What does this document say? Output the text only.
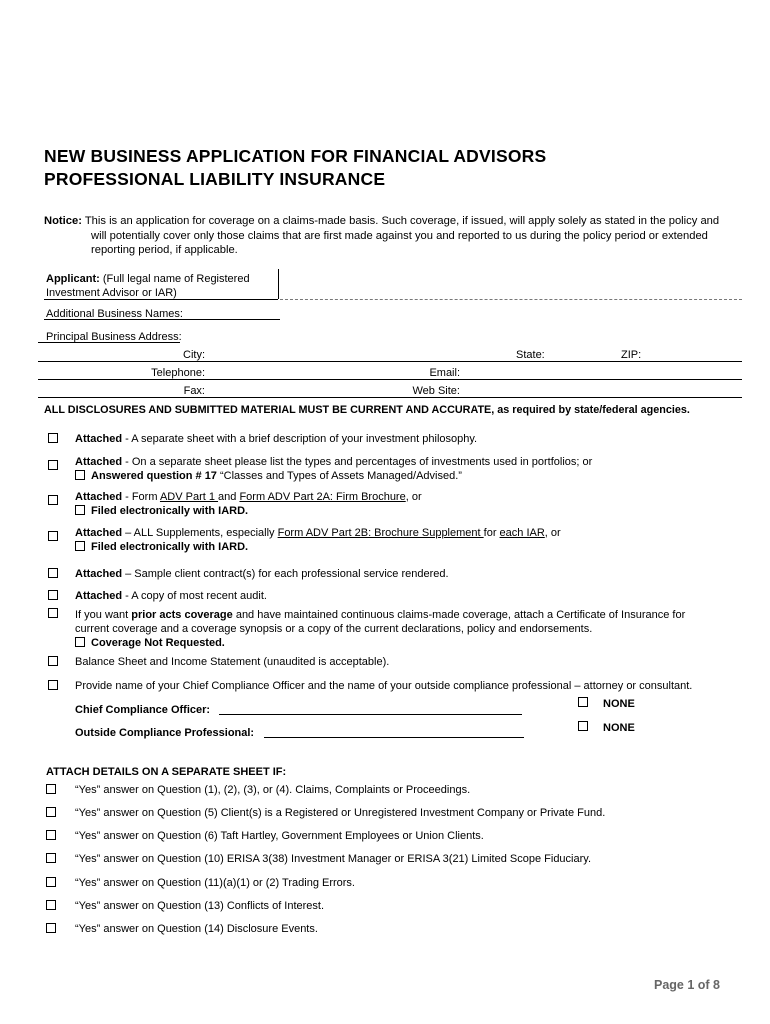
NEW BUSINESS APPLICATION FOR FINANCIAL ADVISORS
PROFESSIONAL LIABILITY INSURANCE
Notice: This is an application for coverage on a claims-made basis. Such coverage, if issued, will apply solely as stated in the policy and
will potentially cover only those claims that are first made against you and reported to us during the policy period or extended
reporting period, if applicable.
Applicant: (Full legal name of Registered
Investment Advisor or IAR)
Additional Business Names:
Principal Business Address:
City:	State:	ZIP:
Telephone:	Email:
Fax:	Web Site:
ALL DISCLOSURES AND SUBMITTED MATERIAL MUST BE CURRENT AND ACCURATE, as required by state/federal agencies.
Attached - A separate sheet with a brief description of your investment philosophy.
Attached - On a separate sheet please list the types and percentages of investments used in portfolios; or
Answered question # 17 “Classes and Types of Assets Managed/Advised.”
Attached - Form ADV Part 1 and Form ADV Part 2A: Firm Brochure, or
Filed electronically with IARD.
Attached – ALL Supplements, especially Form ADV Part 2B: Brochure Supplement for each IAR, or
Filed electronically with IARD.
Attached – Sample client contract(s) for each professional service rendered.
Attached - A copy of most recent audit.
If you want prior acts coverage and have maintained continuous claims-made coverage, attach a Certificate of Insurance for
current coverage and a coverage synopsis or a copy of the current declarations, policy and endorsements.
Coverage Not Requested.
Balance Sheet and Income Statement (unaudited is acceptable).
Provide name of your Chief Compliance Officer and the name of your outside compliance professional – attorney or consultant.
Chief Compliance Officer:	NONE
Outside Compliance Professional:	NONE
ATTACH DETAILS ON A SEPARATE SHEET IF:
“Yes” answer on Question (1), (2), (3), or (4). Claims, Complaints or Proceedings.
“Yes” answer on Question (5) Client(s) is a Registered or Unregistered Investment Company or Private Fund.
“Yes” answer on Question (6) Taft Hartley, Government Employees or Union Clients.
“Yes” answer on Question (10) ERISA 3(38) Investment Manager or ERISA 3(21) Limited Scope Fiduciary.
“Yes” answer on Question (11)(a)(1) or (2) Trading Errors.
“Yes” answer on Question (13) Conflicts of Interest.
“Yes” answer on Question (14) Disclosure Events.
Page 1 of 8
